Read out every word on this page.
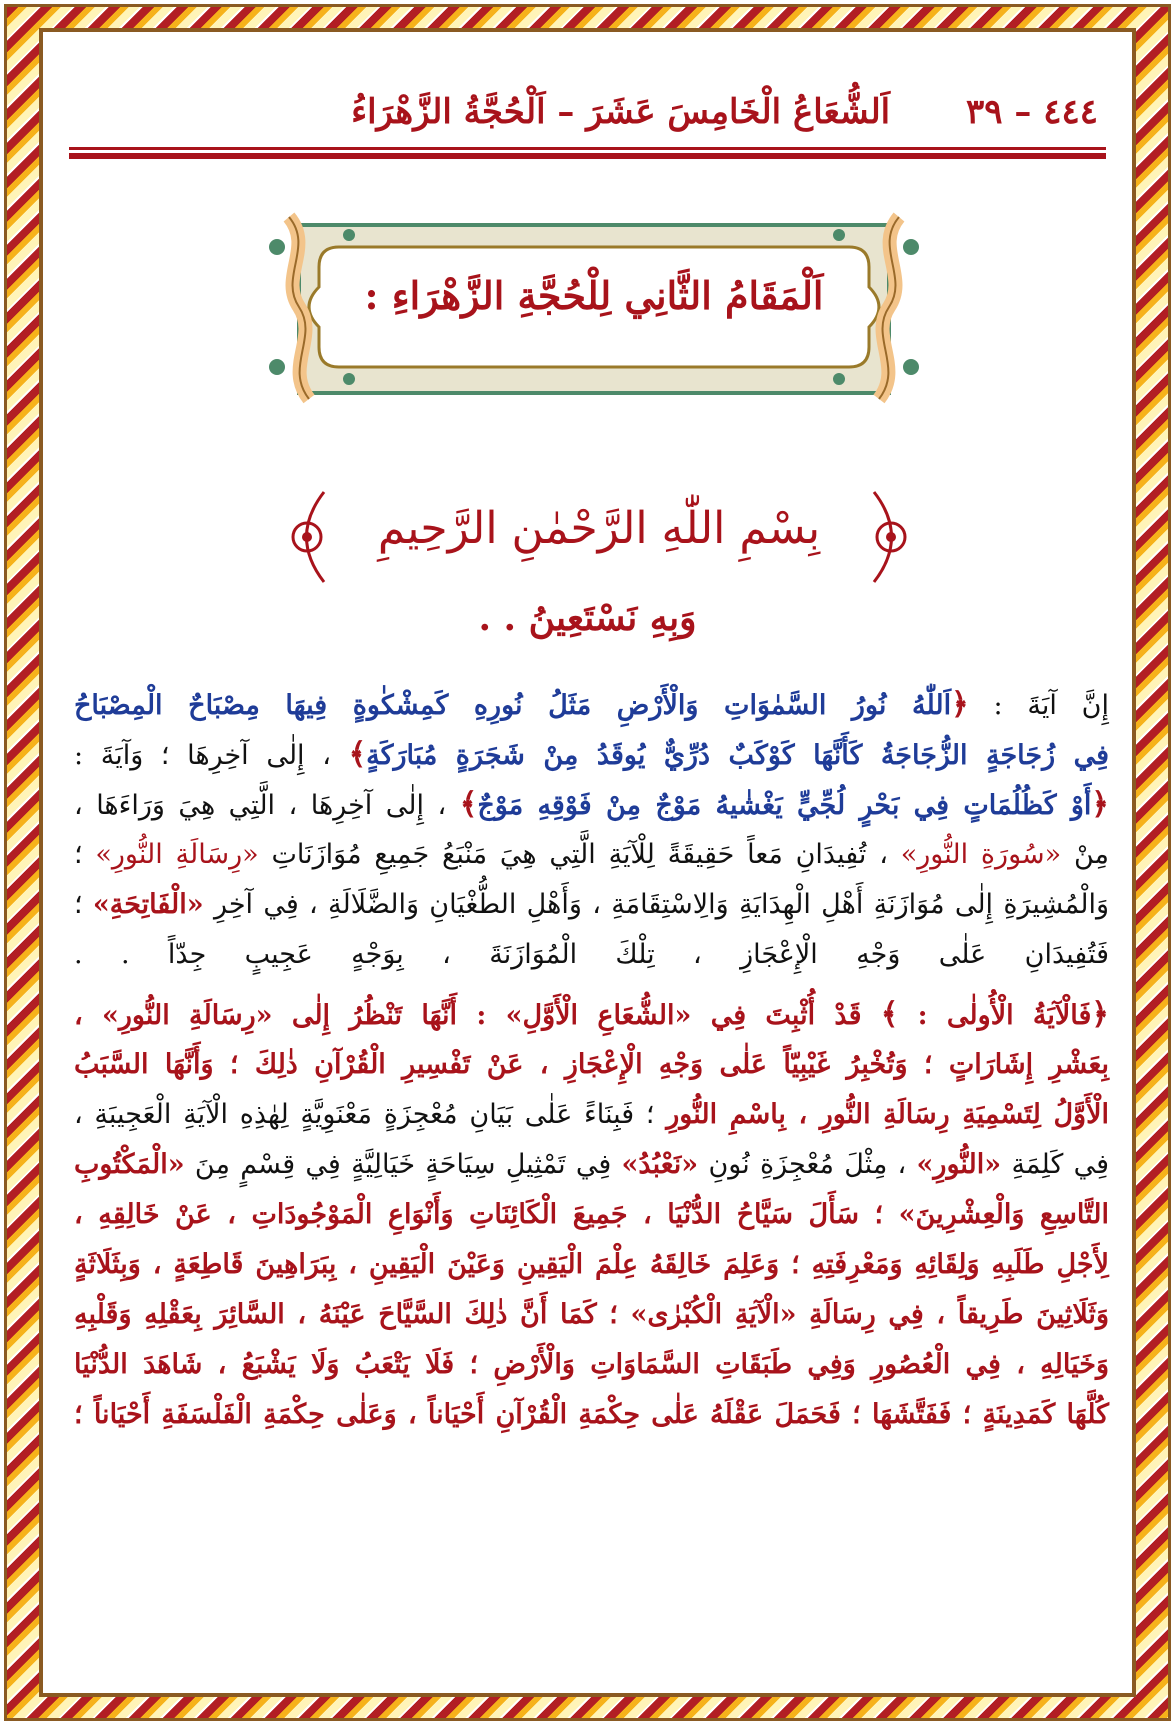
٤٤٤ – ٣٩ اَلشُّعَاعُ الْخَامِسَ عَشَرَ – اَلْحُجَّةُ الزَّهْرَاءُ
اَلْمَقَامُ الثَّانِي لِلْحُجَّةِ الزَّهْرَاءِ :
بِسْمِ اللّٰهِ الرَّحْمٰنِ الرَّحِيمِ
وَبِهِ نَسْتَعِينُ . .
إِنَّ آيَةَ : ﴿اَللّٰهُ نُورُ السَّمٰوَاتِ وَالْأَرْضِ مَثَلُ نُورِهِ كَمِشْكٰوةٍ فِيهَا مِصْبَاحٌ الْمِصْبَاحُ
فِي زُجَاجَةٍ الزُّجَاجَةُ كَأَنَّهَا كَوْكَبٌ دُرِّيٌّ يُوقَدُ مِنْ شَجَرَةٍ مُبَارَكَةٍ﴾ ، إِلٰى آخِرِهَا ؛ وَآيَةَ :
﴿أَوْ كَظُلُمَاتٍ فِي بَحْرٍ لُجِّيٍّ يَغْشٰيهُ مَوْجٌ مِنْ فَوْقِهِ مَوْجٌ﴾ ، إِلٰى آخِرِهَا ، الَّتِي هِيَ وَرَاءَهَا ،
مِنْ «سُورَةِ النُّورِ» ، تُفِيدَانِ مَعاً حَقِيقَةً لِلْآيَةِ الَّتِي هِيَ مَنْبَعُ جَمِيعِ مُوَازَنَاتِ «رِسَالَةِ النُّورِ» ؛
وَالْمُشِيرَةِ إِلٰى مُوَازَنَةِ أَهْلِ الْهِدَايَةِ وَالِاسْتِقَامَةِ ، وَأَهْلِ الطُّغْيَانِ وَالضَّلَالَةِ ، فِي آخِرِ «الْفَاتِحَةِ» ؛
فَتُفِيدَانِ عَلٰى وَجْهِ الْإِعْجَازِ ، تِلْكَ الْمُوَازَنَةَ ، بِوَجْهٍ عَجِيبٍ جِدّاً . .
﴿فَالْآيَةُ الْأُولٰى : ﴾ قَدْ أُثْبِتَ فِي «الشُّعَاعِ الْأَوَّلِ» : أَنَّهَا تَنْظُرُ إِلٰى «رِسَالَةِ النُّورِ» ،
بِعَشْرِ إِشَارَاتٍ ؛ وَتُخْبِرُ غَيْبِيّاً عَلٰى وَجْهِ الْإِعْجَازِ ، عَنْ تَفْسِيرِ الْقُرْآنِ ذٰلِكَ ؛ وَأَنَّهَا السَّبَبُ
الْأَوَّلُ لِتَسْمِيَةِ رِسَالَةِ النُّورِ ، بِاسْمِ النُّورِ ؛ فَبِنَاءً عَلٰى بَيَانِ مُعْجِزَةٍ مَعْنَوِيَّةٍ لِهٰذِهِ الْآيَةِ الْعَجِيبَةِ ،
فِي كَلِمَةِ «النُّورِ» ، مِثْلَ مُعْجِزَةِ نُونِ «نَعْبُدُ» فِي تَمْثِيلِ سِيَاحَةٍ خَيَالِيَّةٍ فِي قِسْمٍ مِنَ «الْمَكْتُوبِ
التَّاسِعِ وَالْعِشْرِينَ» ؛ سَأَلَ سَيَّاحُ الدُّنْيَا ، جَمِيعَ الْكَائِنَاتِ وَأَنْوَاعِ الْمَوْجُودَاتِ ، عَنْ خَالِقِهِ ،
لِأَجْلِ طَلَبِهِ وَلِقَائِهِ وَمَعْرِفَتِهِ ؛ وَعَلِمَ خَالِقَهُ عِلْمَ الْيَقِينِ وَعَيْنَ الْيَقِينِ ، بِبَرَاهِينَ قَاطِعَةٍ ، وَبِثَلَاثَةٍ
وَثَلَاثِينَ طَرِيقاً ، فِي رِسَالَةِ «الْآيَةِ الْكُبْرٰى» ؛ كَمَا أَنَّ ذٰلِكَ السَّيَّاحَ عَيْنَهُ ، السَّائِرَ بِعَقْلِهِ وَقَلْبِهِ
وَخَيَالِهِ ، فِي الْعُصُورِ وَفِي طَبَقَاتِ السَّمَاوَاتِ وَالْأَرْضِ ؛ فَلَا يَتْعَبُ وَلَا يَشْبَعُ ، شَاهَدَ الدُّنْيَا
كُلَّهَا كَمَدِينَةٍ ؛ فَفَتَّشَهَا ؛ فَحَمَلَ عَقْلَهُ عَلٰى حِكْمَةِ الْقُرْآنِ أَحْيَاناً ، وَعَلٰى حِكْمَةِ الْفَلْسَفَةِ أَحْيَاناً ؛
